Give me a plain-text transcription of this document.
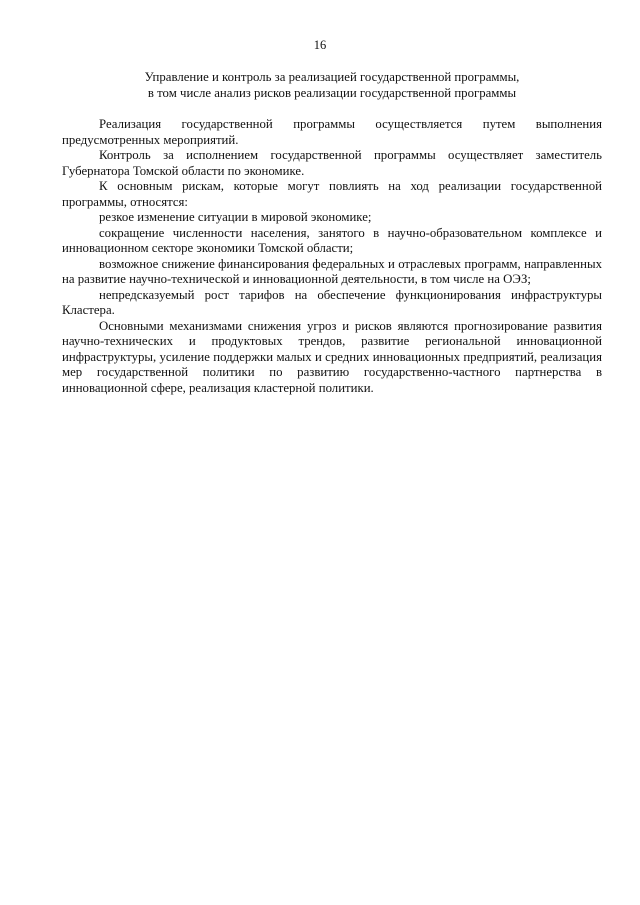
16
Управление и контроль за реализацией государственной программы,
в том числе анализ рисков реализации государственной программы

Реализация государственной программы осуществляется путем выполнения предусмотренных мероприятий.

Контроль за исполнением государственной программы осуществляет заместитель Губернатора Томской области по экономике.

К основным рискам, которые могут повлиять на ход реализации государственной программы, относятся:

резкое изменение ситуации в мировой экономике;

сокращение численности населения, занятого в научно-образовательном комплексе и инновационном секторе экономики Томской области;

возможное снижение финансирования федеральных и отраслевых программ, направленных на развитие научно-технической и инновационной деятельности, в том числе на ОЭЗ;

непредсказуемый рост тарифов на обеспечение функционирования инфраструктуры Кластера.

Основными механизмами снижения угроз и рисков являются прогнозирование развития научно-технических и продуктовых трендов, развитие региональной инновационной инфраструктуры, усиление поддержки малых и средних инновационных предприятий, реализация мер государственной политики по развитию государственно-частного партнерства в инновационной сфере, реализация кластерной политики.
